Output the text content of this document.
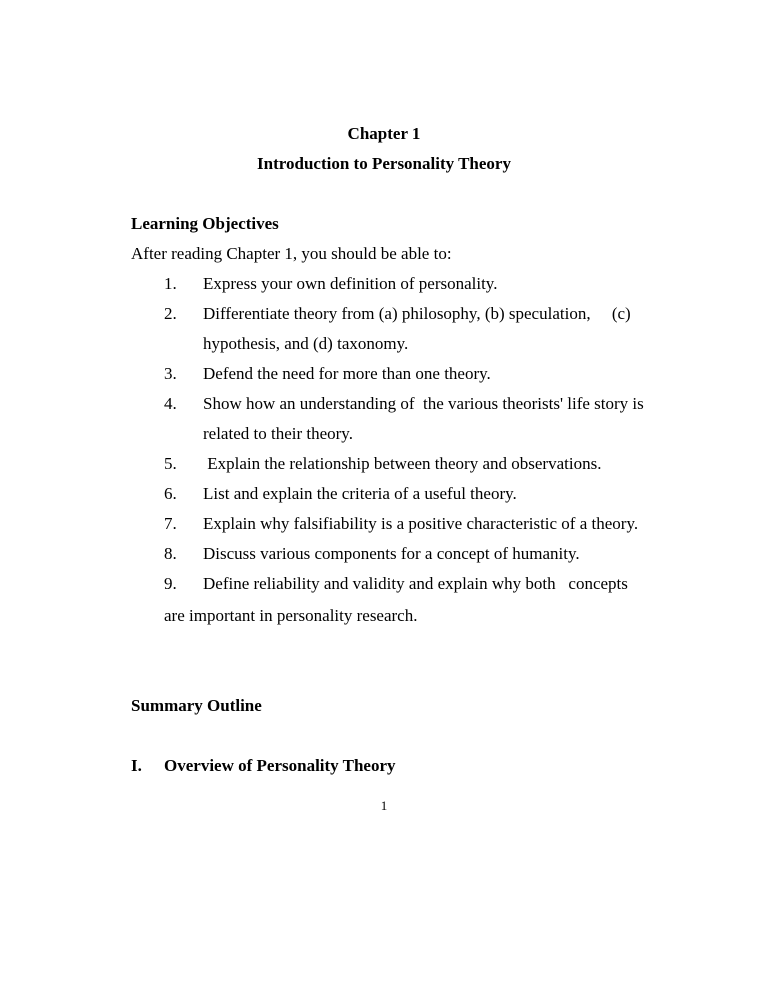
Chapter 1
Introduction to Personality Theory
Learning Objectives
After reading Chapter 1, you should be able to:
1. Express your own definition of personality.
2. Differentiate theory from (a) philosophy, (b) speculation,     (c)
hypothesis, and (d) taxonomy.
3. Defend the need for more than one theory.
4. Show how an understanding of  the various theorists' life story is
related to their theory.
5. Explain the relationship between theory and observations.
6. List and explain the criteria of a useful theory.
7. Explain why falsifiability is a positive characteristic of a theory.
8. Discuss various components for a concept of humanity.
9. Define reliability and validity and explain why both   concepts
are important in personality research.
Summary Outline
I. Overview of Personality Theory
1
